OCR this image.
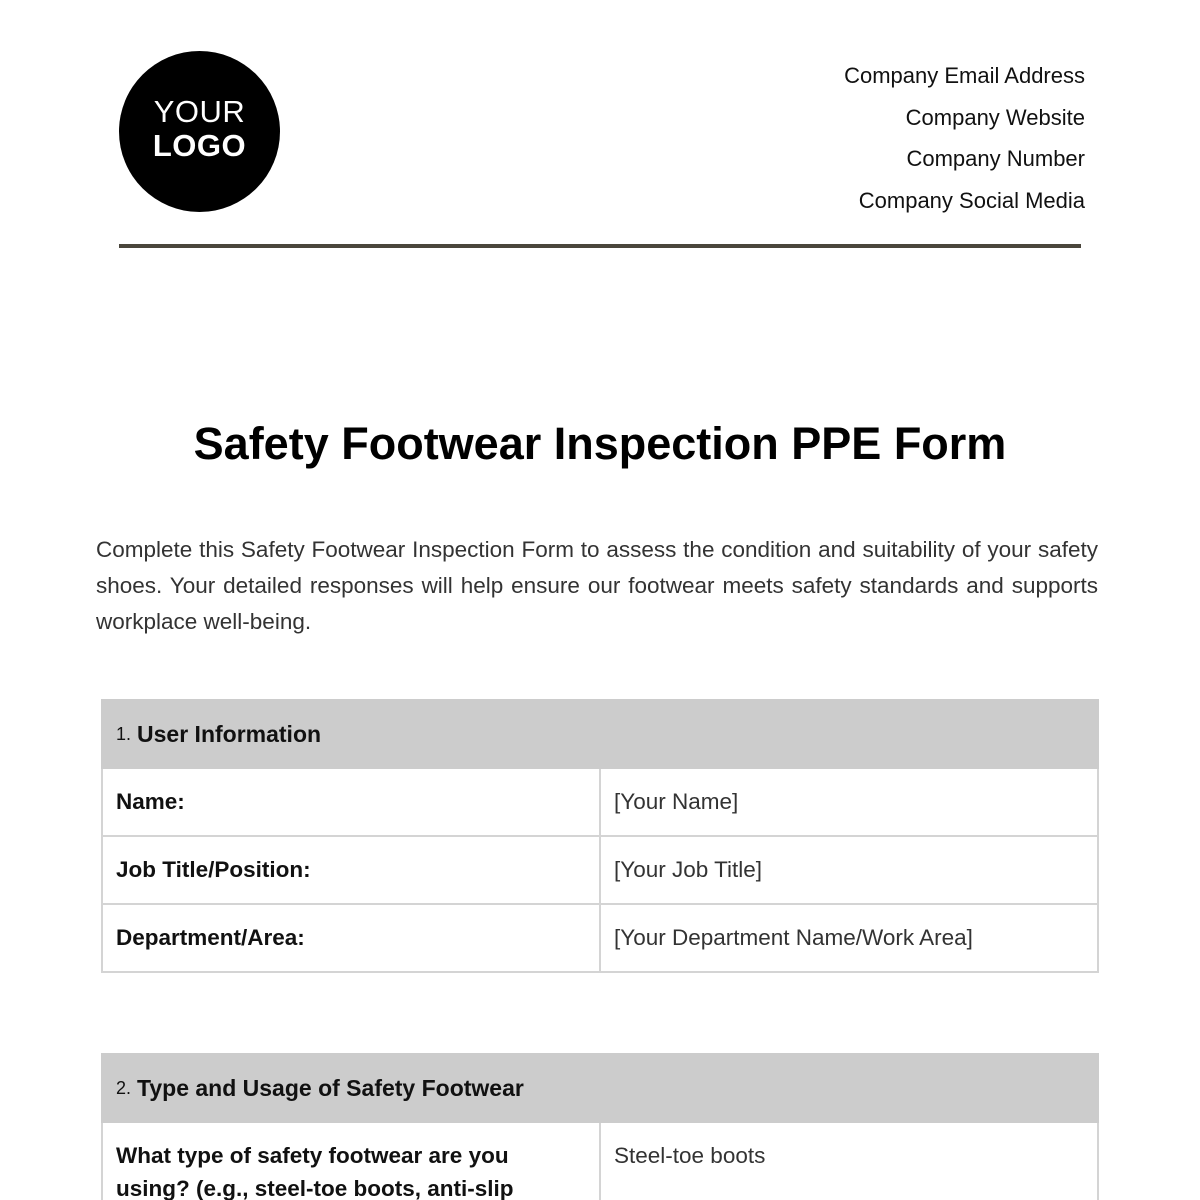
YOUR
LOGO
Company Email Address
Company Website
Company Number
Company Social Media
Safety Footwear Inspection PPE Form

Complete this Safety Footwear Inspection Form to assess the condition and suitability of your safety shoes. Your detailed responses will help ensure our footwear meets safety standards and supports workplace well-being.

1. User Information	
Name:	[Your Name]
Job Title/Position:	[Your Job Title]
Department/Area:	[Your Department Name/Work Area]
2. Type and Usage of Safety Footwear
What type of safety footwear are you using? (e.g., steel-toe boots, anti-slip	Steel-toe boots
